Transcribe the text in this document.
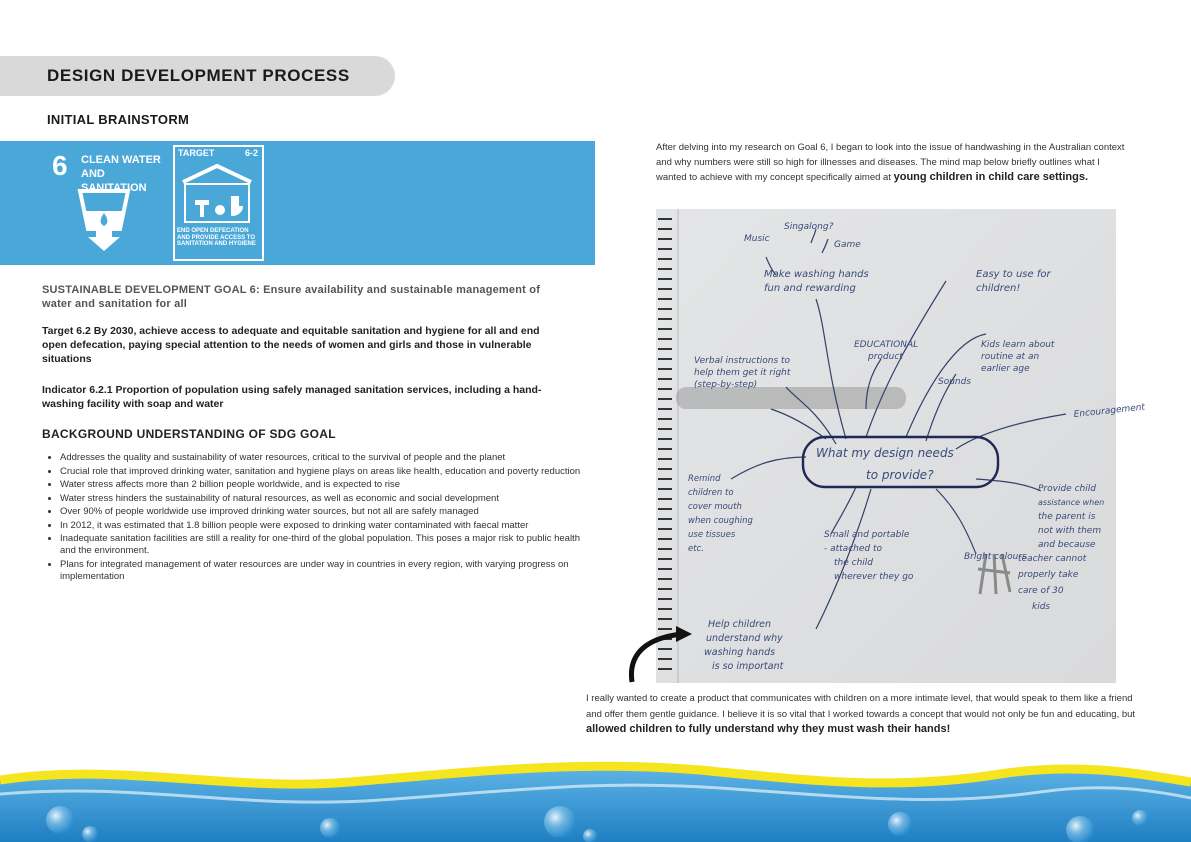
DESIGN DEVELOPMENT PROCESS
INITIAL BRAINSTORM
6 CLEAN WATER AND SANITATION
TARGET	6-2
END OPEN DEFECATION AND PROVIDE ACCESS TO SANITATION AND HYGIENE
SUSTAINABLE DEVELOPMENT GOAL 6: Ensure availability and sustainable management of water and sanitation for all
Target 6.2 By 2030, achieve access to adequate and equitable sanitation and hygiene for all and end open defecation, paying special attention to the needs of women and girls and those in vulnerable situations
Indicator 6.2.1 Proportion of population using safely managed sanitation services, including a hand-washing facility with soap and water
BACKGROUND UNDERSTANDING OF SDG GOAL
• Addresses the quality and sustainability of water resources, critical to the survival of people and the planet
• Crucial role that improved drinking water, sanitation and hygiene plays on areas like health, education and poverty reduction
• Water stress affects more than 2 billion people worldwide, and is expected to rise
• Water stress hinders the sustainability of natural resources, as well as economic and social development
• Over 90% of people worldwide use improved drinking water sources, but not all are safely managed
• In 2012, it was estimated that 1.8 billion people were exposed to drinking water contaminated with faecal matter
• Inadequate sanitation facilities are still a reality for one-third of the global population. This poses a major risk to public health and the environment.
• Plans for integrated management of water resources are under way in countries in every region, with varying progress on implementation
After delving into my research on Goal 6, I began to look into the issue of handwashing in the Australian context and why numbers were still so high for illnesses and diseases. The mind map below briefly outlines what I wanted to achieve with my concept specifically aimed at young children in child care settings.
What my design needs
to provide?
Singalong?
Music
Game
Make washing hands
fun and rewarding
Easy to use for
children!
EDUCATIONAL
product
Kids learn about
routine at an
earlier age
Verbal instructions to
help them get it right
(step-by-step)	Sounds
Encouragement
Remind
children to
cover mouth
when coughing
use tissues
etc.
Small and portable
- attached to
the child
wherever they go
Bright colours
Provide child
assistance when
the parent is
not with them
and because
teacher cannot
properly take
care of 30
kids
Help children
understand why
washing hands
is so important
I really wanted to create a product that communicates with children on a more intimate level, that would speak to them like a friend and offer them gentle guidance. I believe it is so vital that I worked towards a concept that would not only be fun and educating, but allowed children to fully understand why they must wash their hands!
